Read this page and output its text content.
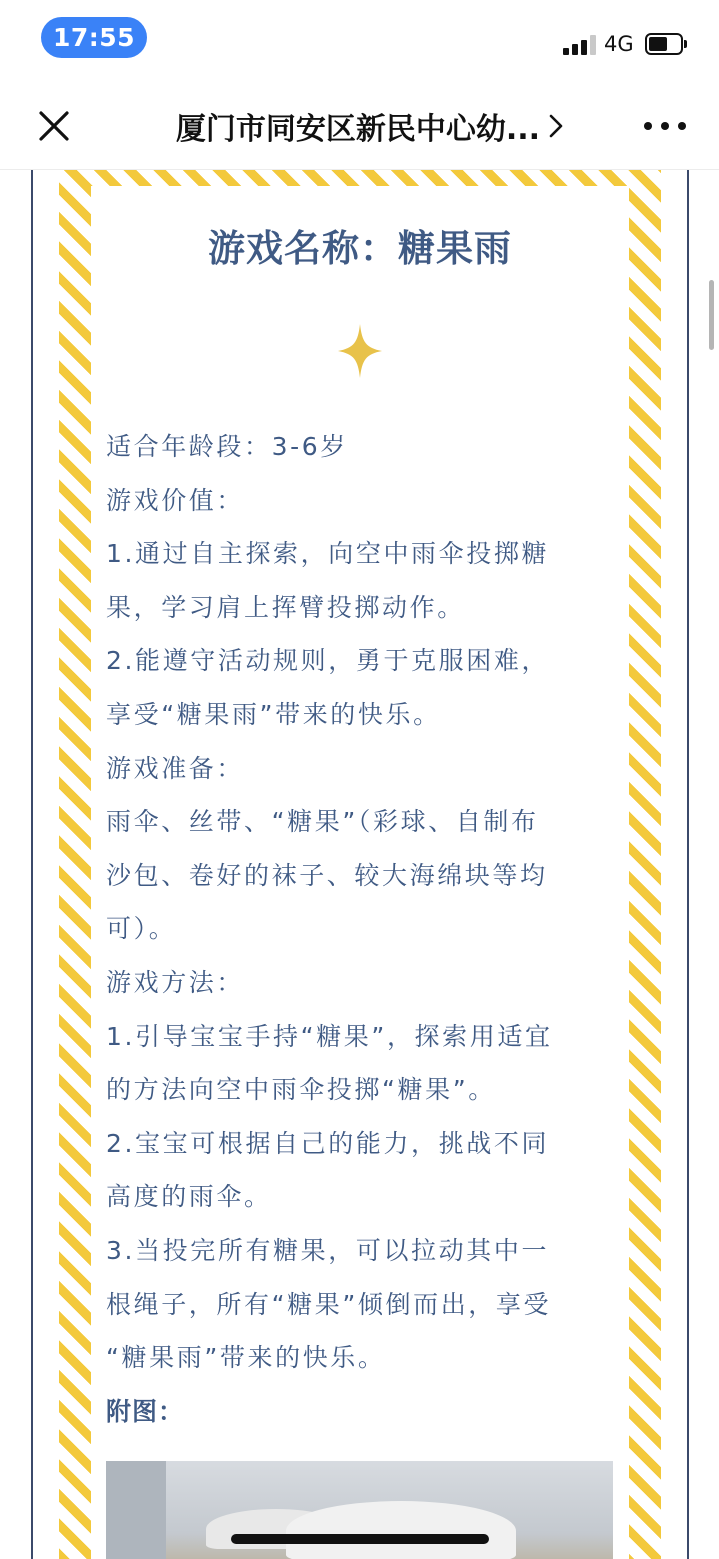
17:55	4G
厦门市同安区新民中心幼...
游戏名称：糖果雨

适合年龄段：3-6岁

游戏价值：

1.通过自主探索，向空中雨伞投掷糖

果，学习肩上挥臂投掷动作。

2.能遵守活动规则，勇于克服困难，

享受“糖果雨”带来的快乐。

游戏准备：

雨伞、丝带、“糖果”（彩球、自制布

沙包、卷好的袜子、较大海绵块等均

可）。

游戏方法：

1.引导宝宝手持“糖果”，探索用适宜

的方法向空中雨伞投掷“糖果”。

2.宝宝可根据自己的能力，挑战不同

高度的雨伞。

3.当投完所有糖果，可以拉动其中一

根绳子，所有“糖果”倾倒而出，享受

“糖果雨”带来的快乐。

附图：
